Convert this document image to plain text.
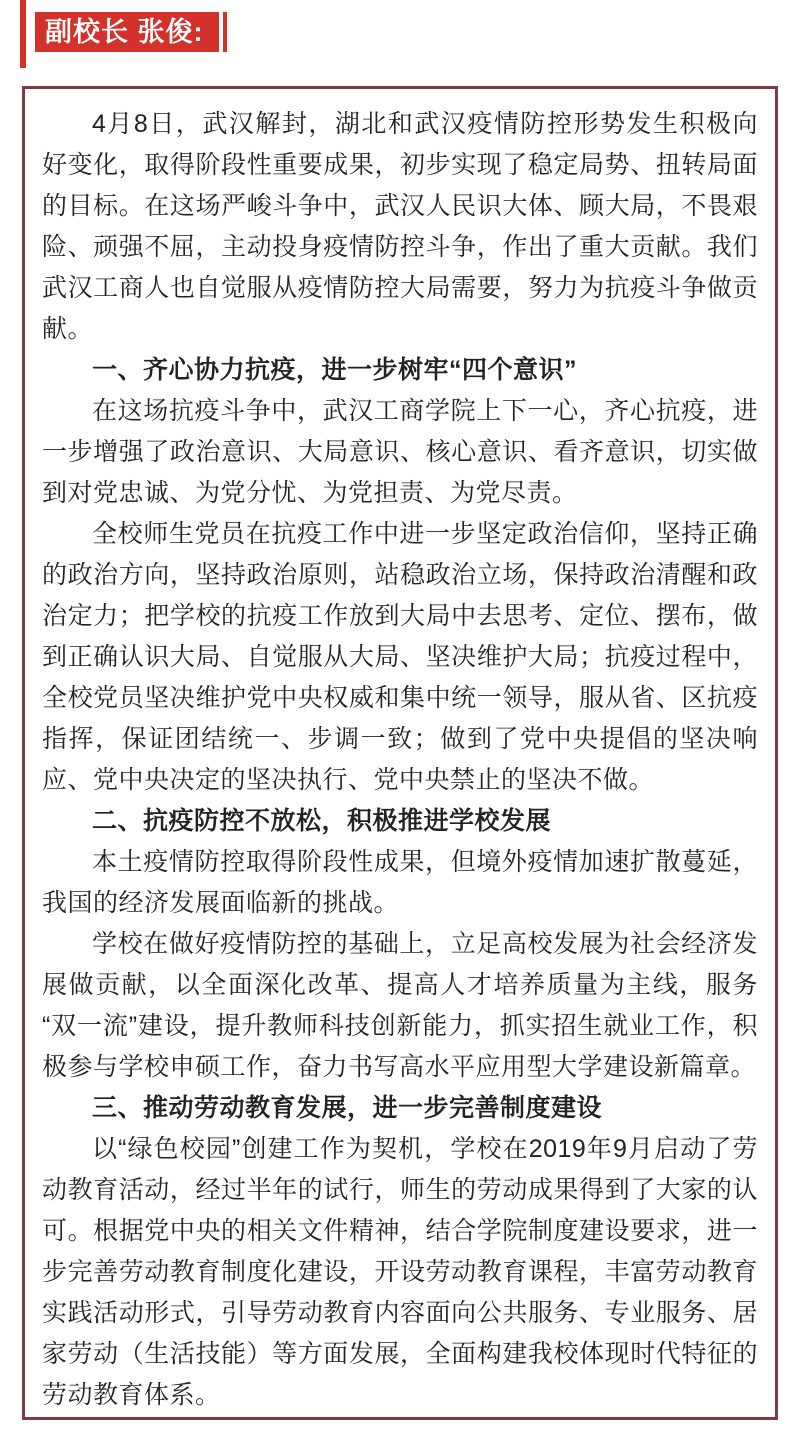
副校长 张俊:

4月8日，武汉解封，湖北和武汉疫情防控形势发生积极向好变化，取得阶段性重要成果，初步实现了稳定局势、扭转局面的目标。在这场严峻斗争中，武汉人民识大体、顾大局，不畏艰险、顽强不屈，主动投身疫情防控斗争，作出了重大贡献。我们武汉工商人也自觉服从疫情防控大局需要，努力为抗疫斗争做贡献。

一、齐心协力抗疫，进一步树牢“四个意识”

在这场抗疫斗争中，武汉工商学院上下一心，齐心抗疫，进一步增强了政治意识、大局意识、核心意识、看齐意识，切实做到对党忠诚、为党分忧、为党担责、为党尽责。

全校师生党员在抗疫工作中进一步坚定政治信仰，坚持正确的政治方向，坚持政治原则，站稳政治立场，保持政治清醒和政治定力；把学校的抗疫工作放到大局中去思考、定位、摆布，做到正确认识大局、自觉服从大局、坚决维护大局；抗疫过程中，全校党员坚决维护党中央权威和集中统一领导，服从省、区抗疫指挥，保证团结统一、步调一致；做到了党中央提倡的坚决响应、党中央决定的坚决执行、党中央禁止的坚决不做。

二、抗疫防控不放松，积极推进学校发展

本土疫情防控取得阶段性成果，但境外疫情加速扩散蔓延，我国的经济发展面临新的挑战。

学校在做好疫情防控的基础上，立足高校发展为社会经济发展做贡献，以全面深化改革、提高人才培养质量为主线，服务“双一流”建设，提升教师科技创新能力，抓实招生就业工作，积极参与学校申硕工作，奋力书写高水平应用型大学建设新篇章。

三、推动劳动教育发展，进一步完善制度建设

以“绿色校园”创建工作为契机，学校在2019年9月启动了劳动教育活动，经过半年的试行，师生的劳动成果得到了大家的认可。根据党中央的相关文件精神，结合学院制度建设要求，进一步完善劳动教育制度化建设，开设劳动教育课程，丰富劳动教育实践活动形式，引导劳动教育内容面向公共服务、专业服务、居家劳动（生活技能）等方面发展，全面构建我校体现时代特征的劳动教育体系。
